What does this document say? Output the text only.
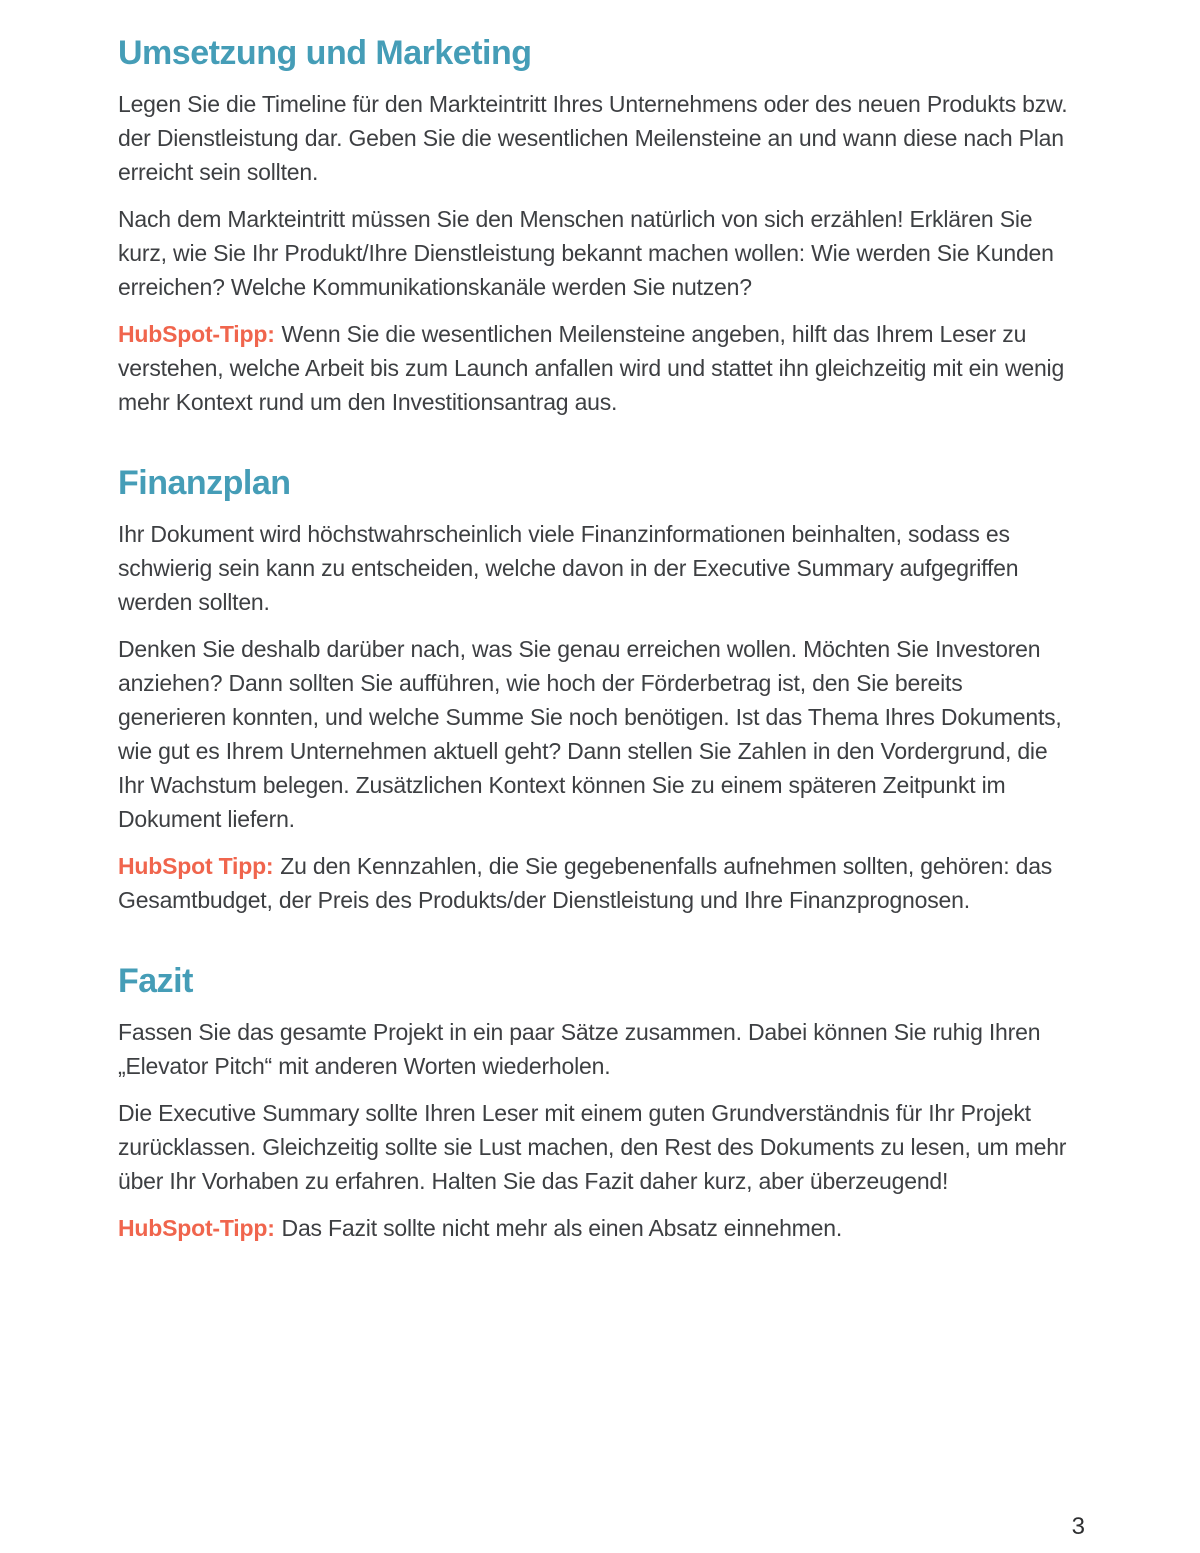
Umsetzung und Marketing

Legen Sie die Timeline für den Markteintritt Ihres Unternehmens oder des neuen Produkts bzw. der Dienstleistung dar. Geben Sie die wesentlichen Meilensteine an und wann diese nach Plan erreicht sein sollten.

Nach dem Markteintritt müssen Sie den Menschen natürlich von sich erzählen! Erklären Sie kurz, wie Sie Ihr Produkt/Ihre Dienstleistung bekannt machen wollen: Wie werden Sie Kunden erreichen? Welche Kommunikationskanäle werden Sie nutzen?

HubSpot-Tipp: Wenn Sie die wesentlichen Meilensteine angeben, hilft das Ihrem Leser zu verstehen, welche Arbeit bis zum Launch anfallen wird und stattet ihn gleichzeitig mit ein wenig mehr Kontext rund um den Investitionsantrag aus.

Finanzplan

Ihr Dokument wird höchstwahrscheinlich viele Finanzinformationen beinhalten, sodass es schwierig sein kann zu entscheiden, welche davon in der Executive Summary aufgegriffen werden sollten.

Denken Sie deshalb darüber nach, was Sie genau erreichen wollen. Möchten Sie Investoren anziehen? Dann sollten Sie aufführen, wie hoch der Förderbetrag ist, den Sie bereits generieren konnten, und welche Summe Sie noch benötigen. Ist das Thema Ihres Dokuments, wie gut es Ihrem Unternehmen aktuell geht? Dann stellen Sie Zahlen in den Vordergrund, die Ihr Wachstum belegen. Zusätzlichen Kontext können Sie zu einem späteren Zeitpunkt im Dokument liefern.

HubSpot Tipp: Zu den Kennzahlen, die Sie gegebenenfalls aufnehmen sollten, gehören: das Gesamtbudget, der Preis des Produkts/der Dienstleistung und Ihre Finanzprognosen.

Fazit

Fassen Sie das gesamte Projekt in ein paar Sätze zusammen. Dabei können Sie ruhig Ihren „Elevator Pitch“ mit anderen Worten wiederholen.

Die Executive Summary sollte Ihren Leser mit einem guten Grundverständnis für Ihr Projekt zurücklassen. Gleichzeitig sollte sie Lust machen, den Rest des Dokuments zu lesen, um mehr über Ihr Vorhaben zu erfahren. Halten Sie das Fazit daher kurz, aber überzeugend!

HubSpot-Tipp: Das Fazit sollte nicht mehr als einen Absatz einnehmen.

3
